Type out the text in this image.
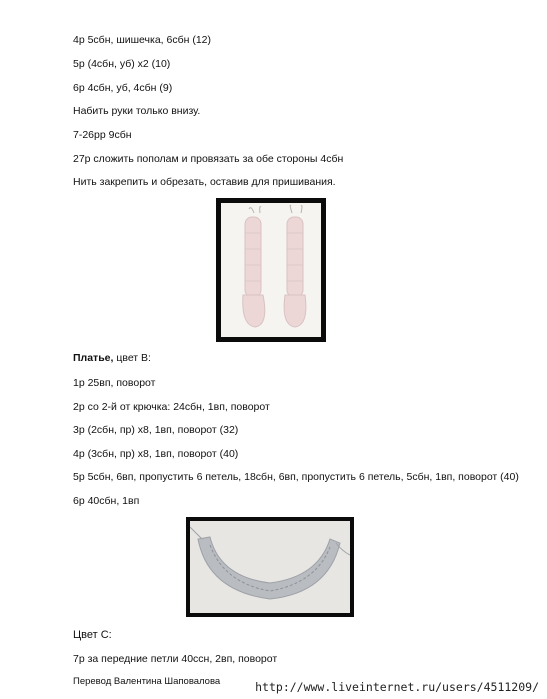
4р 5сбн, шишечка, 6сбн (12)
5р (4сбн, уб) х2 (10)
6р 4сбн, уб, 4сбн (9)
Набить руки только внизу.
7-26рр 9сбн
27р сложить пополам и провязать за обе стороны 4сбн
Нить закрепить и обрезать, оставив для пришивания.
Платье, цвет В:
1р 25вп, поворот
2р со 2-й от крючка: 24сбн, 1вп, поворот
3р (2сбн, пр) х8, 1вп, поворот (32)
4р (3сбн, пр) х8, 1вп, поворот (40)
5р 5сбн, 6вп, пропустить 6 петель, 18сбн, 6вп, пропустить 6 петель, 5сбн, 1вп, поворот (40)
6р 40сбн, 1вп
Цвет С:
7р за передние петли 40ссн, 2вп, поворот
Перевод Валентина Шаповалова	http://www.liveinternet.ru/users/4511209/
